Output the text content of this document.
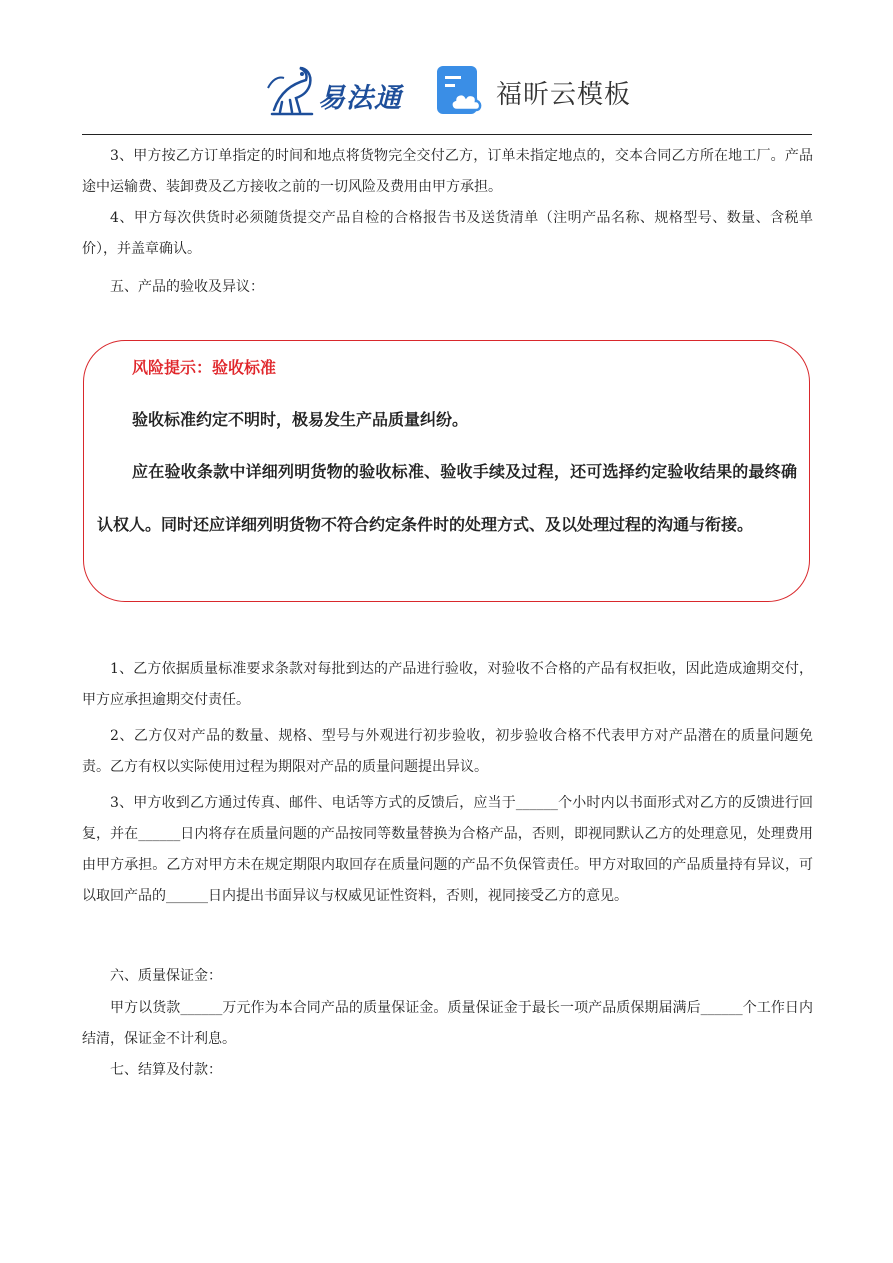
易法通	福昕云模板

3、甲方按乙方订单指定的时间和地点将货物完全交付乙方，订单未指定地点的，交本合同乙方所在地工厂。产品途中运输费、装卸费及乙方接收之前的一切风险及费用由甲方承担。

4、甲方每次供货时必须随货提交产品自检的合格报告书及送货清单（注明产品名称、规格型号、数量、含税单价），并盖章确认。

五、产品的验收及异议：

风险提示：验收标准
验收标准约定不明时，极易发生产品质量纠纷。

应在验收条款中详细列明货物的验收标准、验收手续及过程，还可选择约定验收结果的最终确认权人。同时还应详细列明货物不符合约定条件时的处理方式、及以处理过程的沟通与衔接。

1、乙方依据质量标准要求条款对每批到达的产品进行验收，对验收不合格的产品有权拒收，因此造成逾期交付，甲方应承担逾期交付责任。

2、乙方仅对产品的数量、规格、型号与外观进行初步验收，初步验收合格不代表甲方对产品潜在的质量问题免责。乙方有权以实际使用过程为期限对产品的质量问题提出异议。

3、甲方收到乙方通过传真、邮件、电话等方式的反馈后，应当于______个小时内以书面形式对乙方的反馈进行回复，并在______日内将存在质量问题的产品按同等数量替换为合格产品，否则，即视同默认乙方的处理意见，处理费用由甲方承担。乙方对甲方未在规定期限内取回存在质量问题的产品不负保管责任。甲方对取回的产品质量持有异议，可以取回产品的______日内提出书面异议与权威见证性资料，否则，视同接受乙方的意见。

六、质量保证金：

甲方以货款______万元作为本合同产品的质量保证金。质量保证金于最长一项产品质保期届满后______个工作日内结清，保证金不计利息。

七、结算及付款：
